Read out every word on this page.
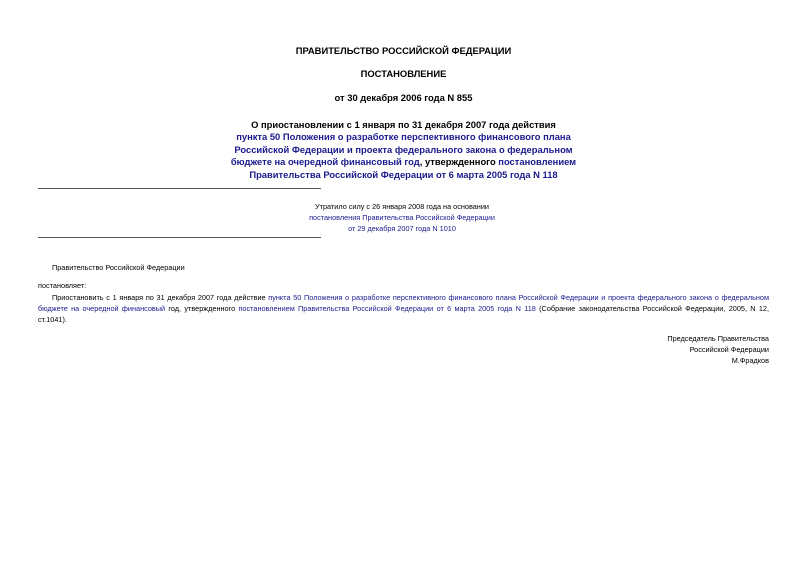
ПРАВИТЕЛЬСТВО РОССИЙСКОЙ ФЕДЕРАЦИИ

ПОСТАНОВЛЕНИЕ

от 30 декабря 2006 года N 855

О приостановлении с 1 января по 31 декабря 2007 года действия
пункта 50 Положения о разработке перспективного финансового плана
Российской Федерации и проекта федерального закона о федеральном
бюджете на очередной финансовый год, утвержденного постановлением
Правительства Российской Федерации от 6 марта 2005 года N 118
Утратило силу с 26 января 2008 года на основании
постановления Правительства Российской Федерации
от 29 декабря 2007 года N 1010
Правительство Российской Федерации
постановляет:
Приостановить с 1 января по 31 декабря 2007 года действие пункта 50 Положения о разработке перспективного финансового плана Российской Федерации и проекта федерального закона о федеральном бюджете на очередной финансовый год, утвержденного постановлением Правительства Российской Федерации от 6 марта 2005 года N 118 (Собрание законодательства Российской Федерации, 2005, N 12, ст.1041).
Председатель Правительства
Российской Федерации
М.Фрадков
